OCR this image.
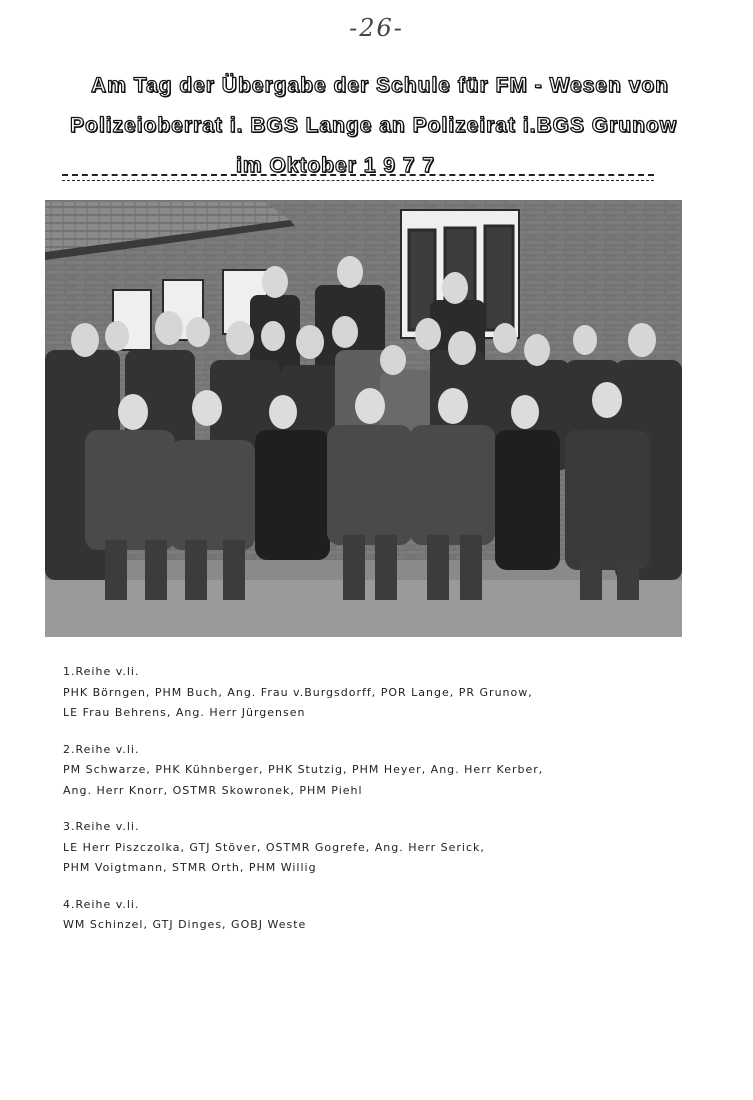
-26-
Am Tag der Übergabe der Schule für FM - Wesen von
Polizeioberrat i. BGS Lange an Polizeirat i.BGS Grunow
im Oktober 1 9 7 7
1.Reihe v.li.
PHK Börngen, PHM Buch, Ang. Frau v.Burgsdorff, POR Lange, PR Grunow,
LE Frau Behrens, Ang. Herr Jürgensen
2.Reihe v.li.
PM Schwarze, PHK Kühnberger, PHK Stutzig, PHM Heyer, Ang. Herr Kerber,
Ang. Herr Knorr, OSTMR Skowronek, PHM Piehl
3.Reihe v.li.
LE Herr Piszczolka, GTJ Stöver, OSTMR Gogrefe, Ang. Herr Serick,
PHM Voigtmann, STMR Orth, PHM Willig
4.Reihe v.li.
WM Schinzel, GTJ Dinges, GOBJ Weste
